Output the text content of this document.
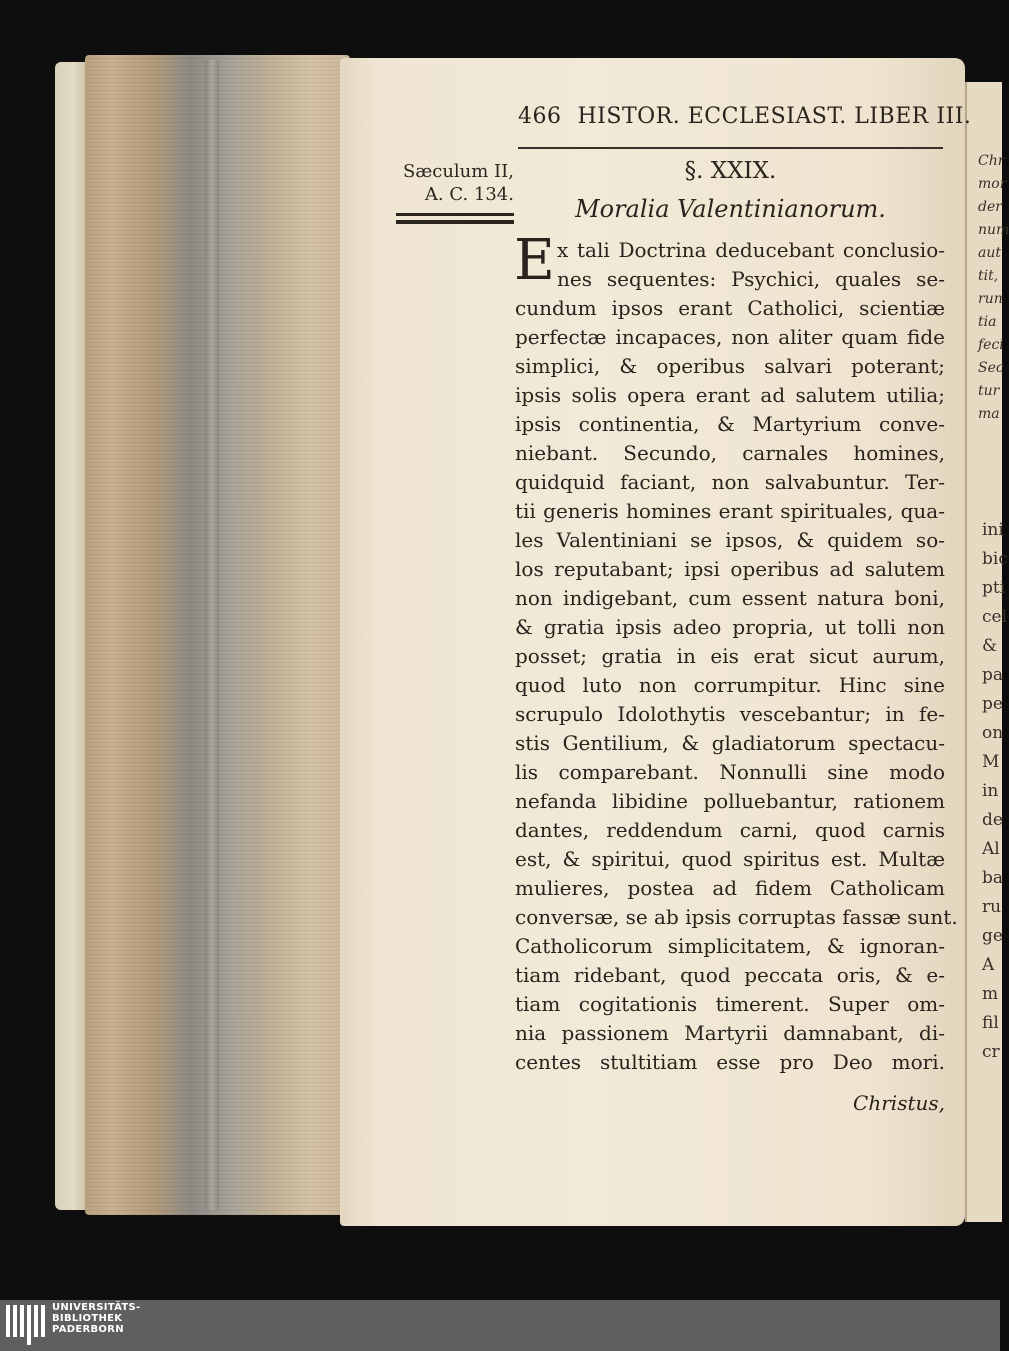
466 HISTOR. ECCLESIAST. LIBER III.
Sæculum II,
A. C. 134.
§. XXIX.
Moralia Valentinianorum.
E x tali Doctrina deducebant conclusio-
nes sequentes: Psychici, quales se-
cundum ipsos erant Catholici, scientiæ
perfectæ incapaces, non aliter quam fide
simplici, & operibus salvari poterant;
ipsis solis opera erant ad salutem utilia;
ipsis continentia, & Martyrium conve-
niebant. Secundo, carnales homines,
quidquid faciant, non salvabuntur. Ter-
tii generis homines erant spirituales, qua-
les Valentiniani se ipsos, & quidem so-
los reputabant; ipsi operibus ad salutem
non indigebant, cum essent natura boni,
& gratia ipsis adeo propria, ut tolli non
posset; gratia in eis erat sicut aurum,
quod luto non corrumpitur. Hinc sine
scrupulo Idolothytis vescebantur; in fe-
stis Gentilium, & gladiatorum spectacu-
lis comparebant. Nonnulli sine modo
nefanda libidine polluebantur, rationem
dantes, reddendum carni, quod carnis
est, & spiritui, quod spiritus est. Multæ
mulieres, postea ad fidem Catholicam
conversæ, se ab ipsis corruptas fassæ sunt.
Catholicorum simplicitatem, & ignoran-
tiam ridebant, quod peccata oris, & e-
tiam cogitationis timerent. Super om-
nia passionem Martyrii damnabant, di-
centes stultitiam esse pro Deo mori.
Christus,
Chr
mor
der
num
aut
tit,
run
tia
feci
Sec
tur
ma
ini
bic
pti
cel
&
pa
pe
on
M
in
de
Al
ba
ru
ge
A
m
fil
cr
UNIVERSITÄTS-
BIBLIOTHEK
PADERBORN
